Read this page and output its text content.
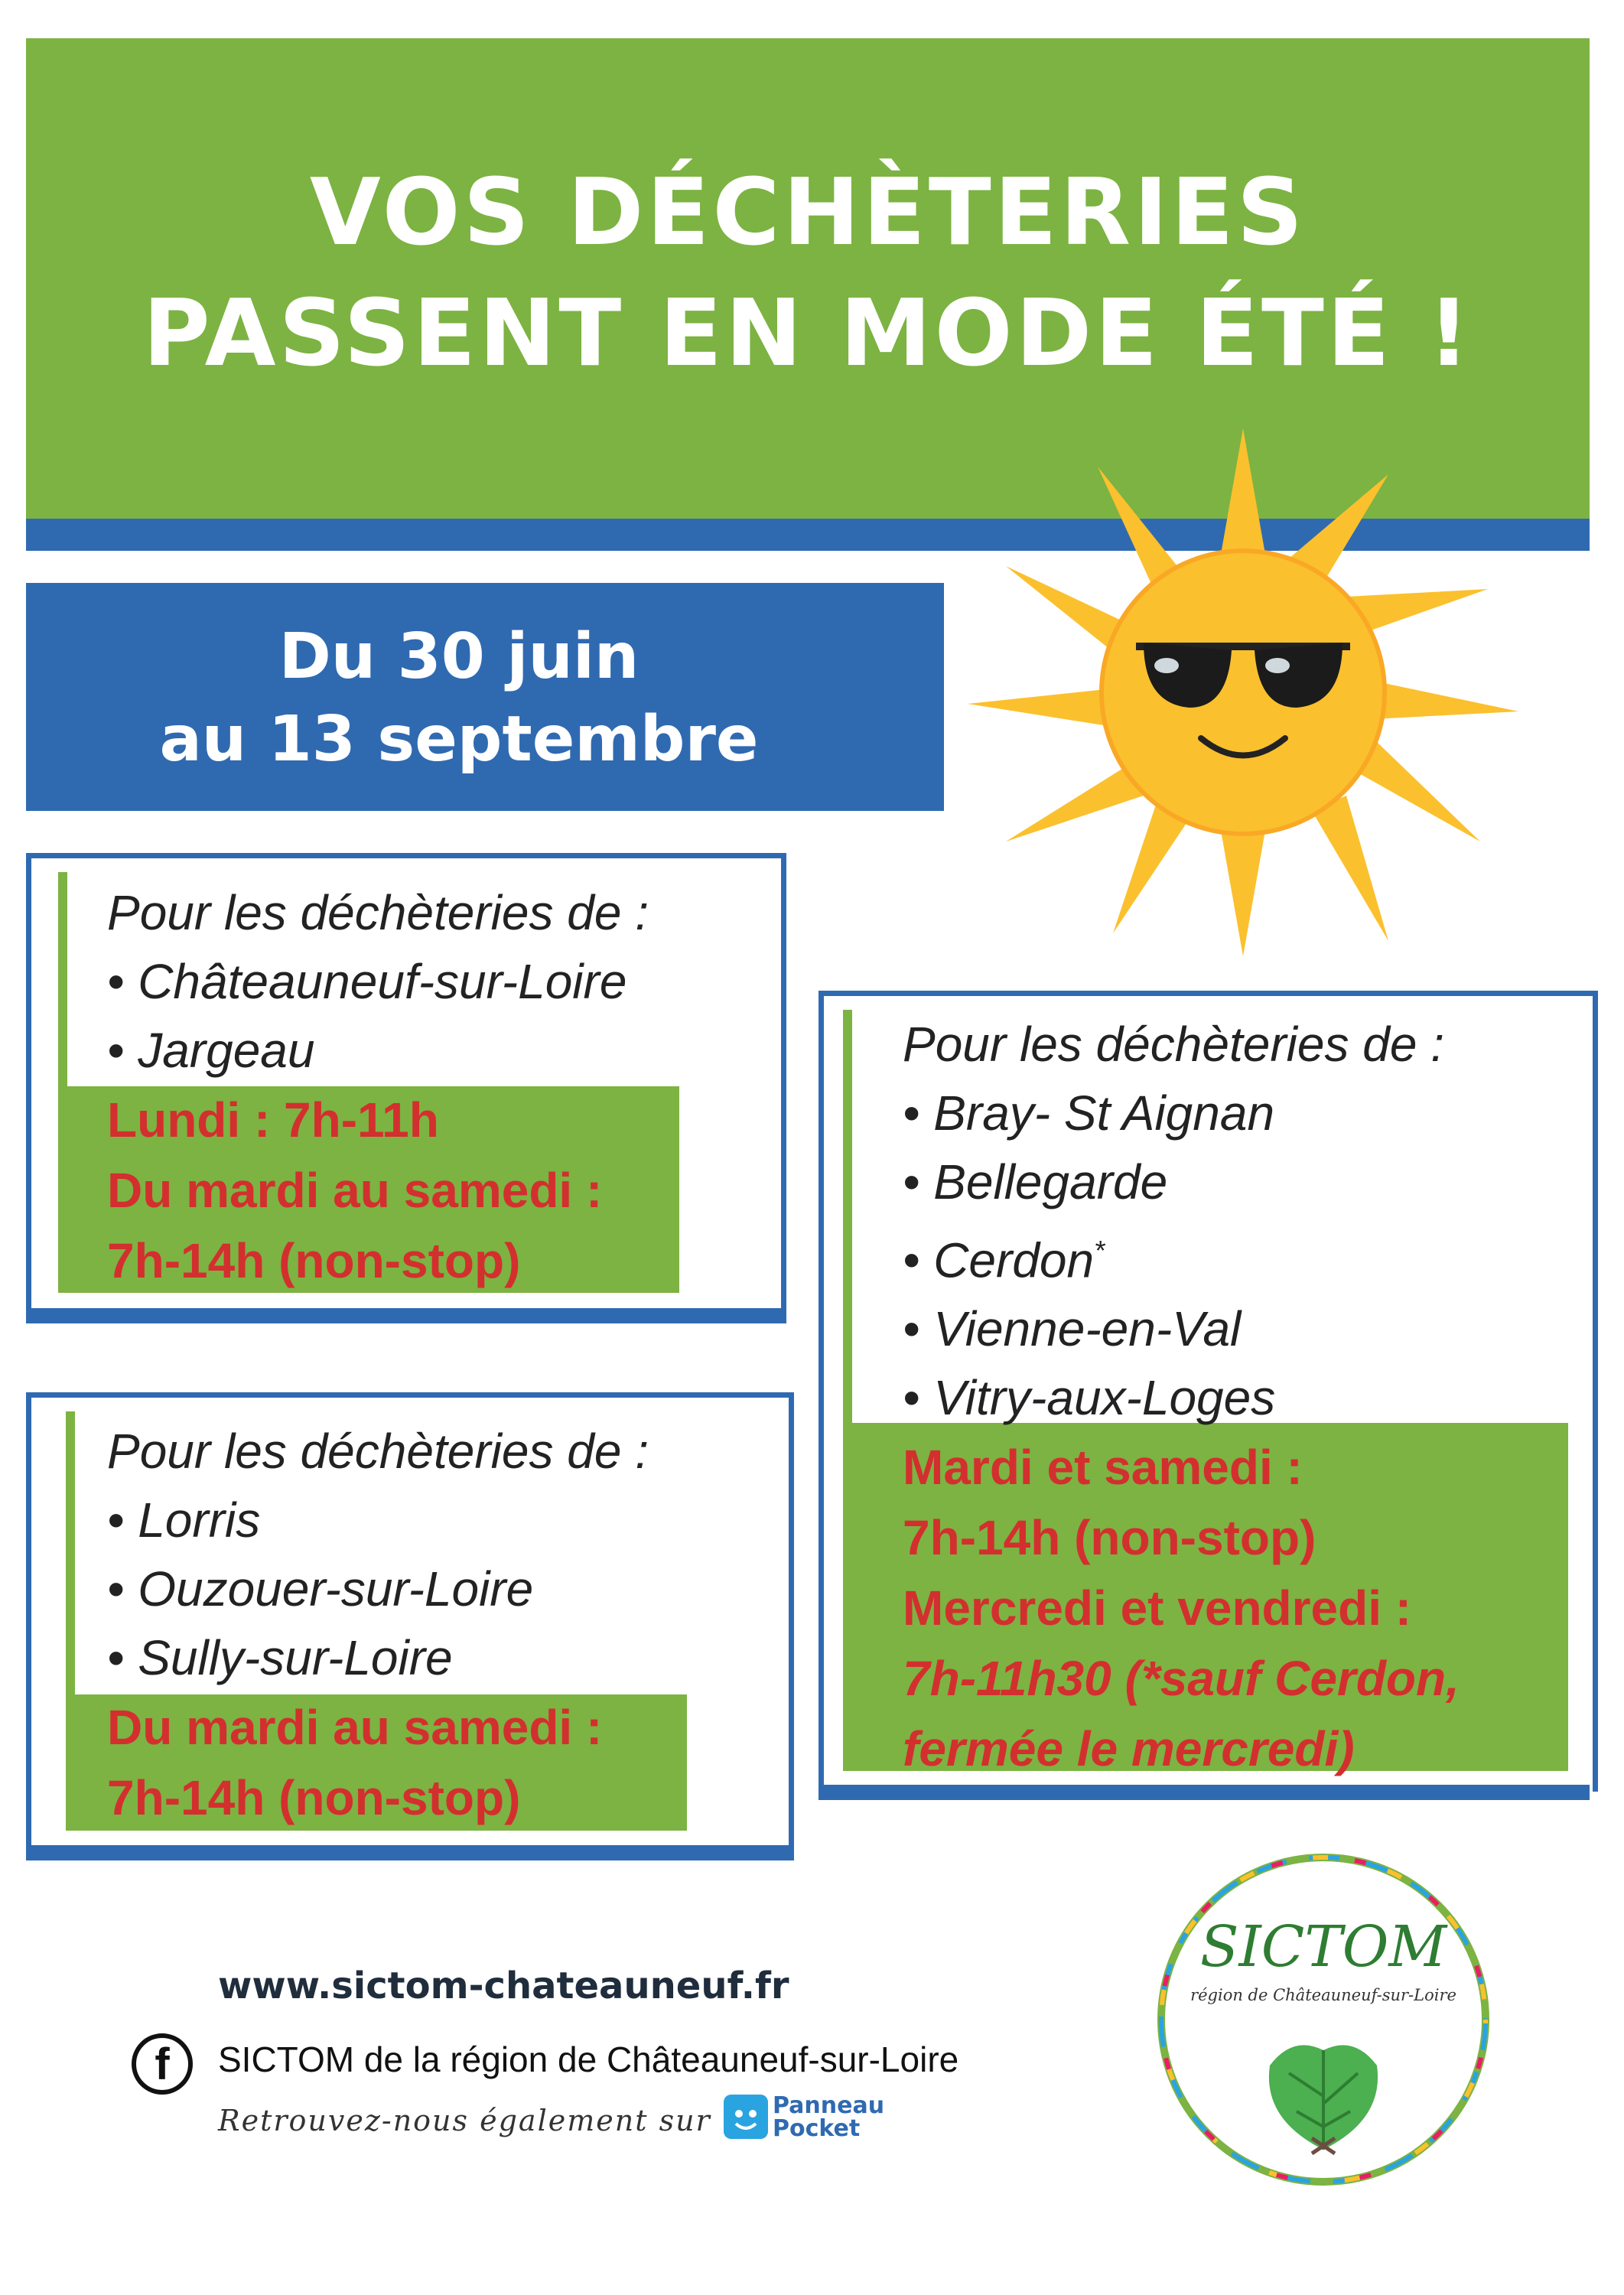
VOS DÉCHÈTERIES
PASSENT EN MODE ÉTÉ !
Du 30 juin
au 13 septembre
Pour les déchèteries de :
• Châteauneuf-sur-Loire
• Jargeau
Lundi : 7h-11h
Du mardi au samedi :
7h-14h (non-stop)
Pour les déchèteries de :
• Lorris
• Ouzouer-sur-Loire
• Sully-sur-Loire
Du mardi au samedi :
7h-14h (non-stop)
Pour les déchèteries de :
• Bray- St Aignan
• Bellegarde
• Cerdon*
• Vienne-en-Val
• Vitry-aux-Loges
Mardi et samedi :
7h-14h (non-stop)
Mercredi et vendredi :
7h-11h30 (*sauf Cerdon,
fermée le mercredi)
www.sictom-chateauneuf.fr
f	SICTOM de la région de Châteauneuf-sur-Loire
Retrouvez-nous également sur	Panneau
Pocket
SICTOM
région de Châteauneuf-sur-Loire
